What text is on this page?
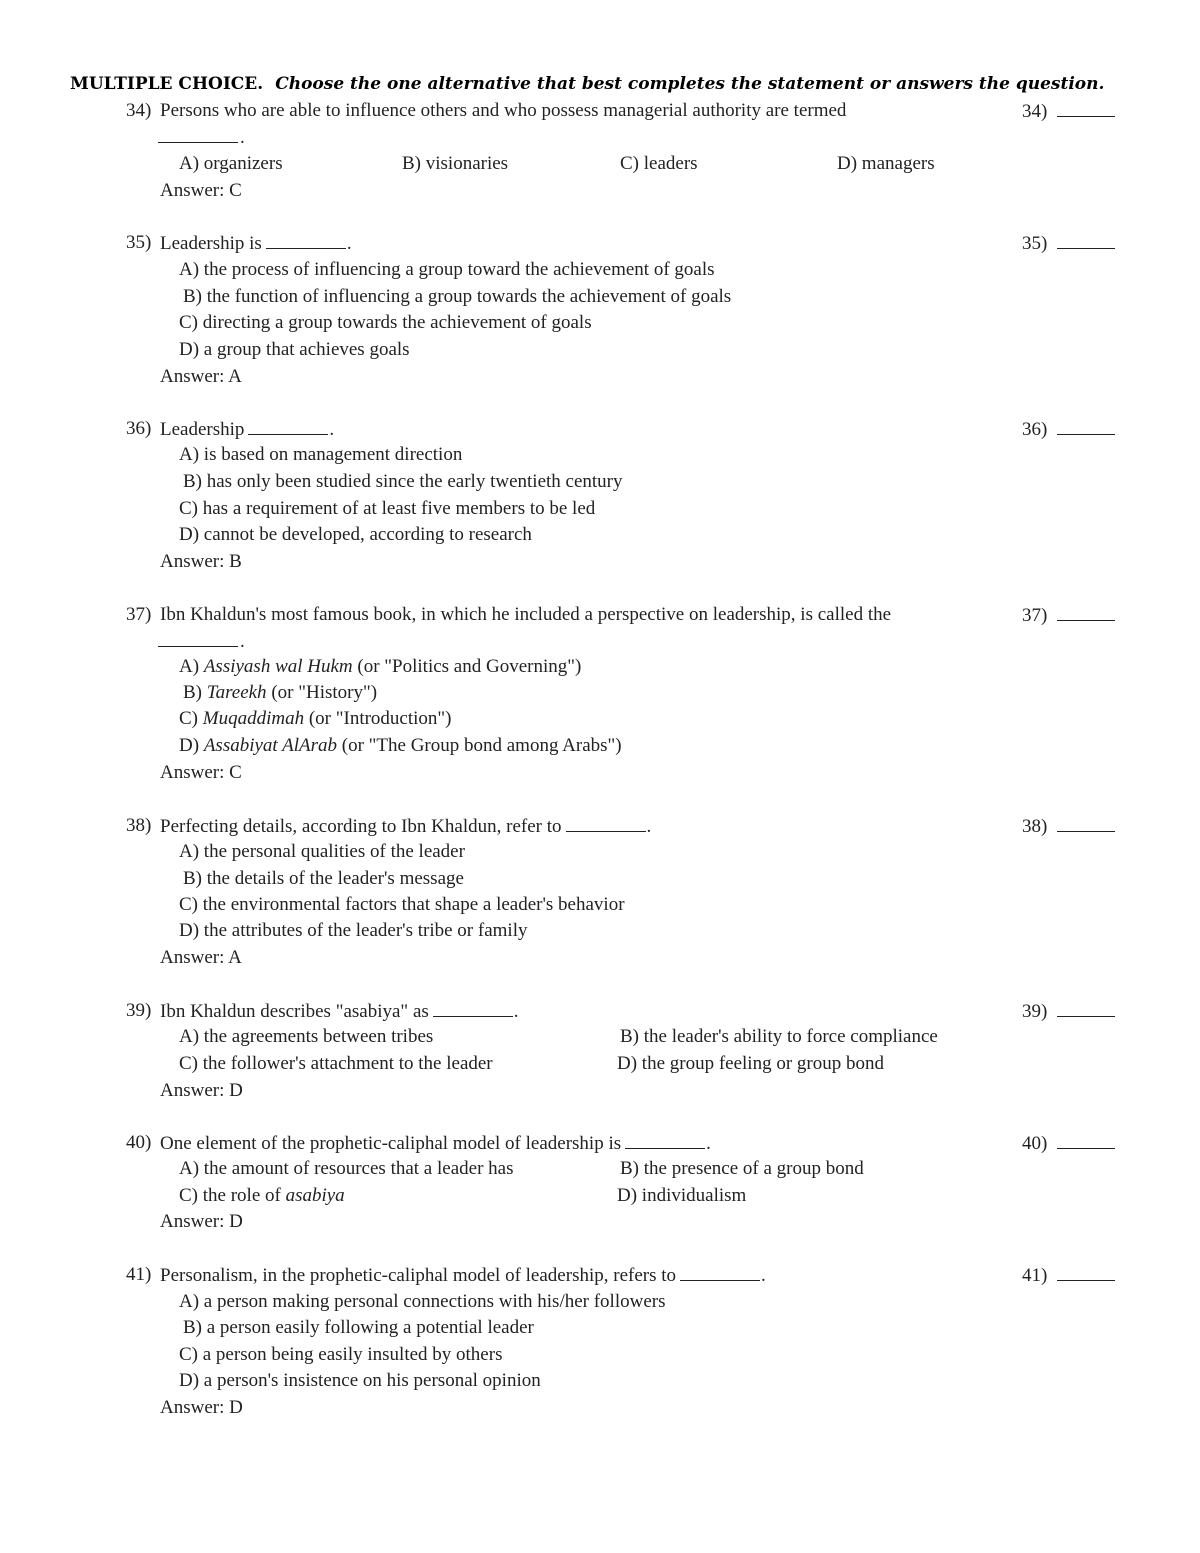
MULTIPLE CHOICE. Choose the one alternative that best completes the statement or answers the question.
34) Persons who are able to influence others and who possess managerial authority are termed	34)
.
A) organizers	B) visionaries	C) leaders	D) managers
Answer: C
35) Leadership is	.	35)
A) the process of influencing a group toward the achievement of goals
B) the function of influencing a group towards the achievement of goals
C) directing a group towards the achievement of goals
D) a group that achieves goals
Answer: A
36) Leadership	.	36)
A) is based on management direction
B) has only been studied since the early twentieth century
C) has a requirement of at least five members to be led
D) cannot be developed, according to research
Answer: B
37) Ibn Khaldun's most famous book, in which he included a perspective on leadership, is called the	37)
.
A) Assiyash wal Hukm (or "Politics and Governing")
B) Tareekh (or "History")
C) Muqaddimah (or "Introduction")
D) Assabiyat AlArab (or "The Group bond among Arabs")
Answer: C
38) Perfecting details, according to Ibn Khaldun, refer to	.	38)
A) the personal qualities of the leader
B) the details of the leader's message
C) the environmental factors that shape a leader's behavior
D) the attributes of the leader's tribe or family
Answer: A
39) Ibn Khaldun describes "asabiya" as	.	39)
A) the agreements between tribes	B) the leader's ability to force compliance
C) the follower's attachment to the leader	D) the group feeling or group bond
Answer: D
40) One element of the prophetic-caliphal model of leadership is	.	40)
A) the amount of resources that a leader has	B) the presence of a group bond
C) the role of asabiya	D) individualism
Answer: D
41) Personalism, in the prophetic-caliphal model of leadership, refers to	.	41)
A) a person making personal connections with his/her followers
B) a person easily following a potential leader
C) a person being easily insulted by others
D) a person's insistence on his personal opinion
Answer: D
